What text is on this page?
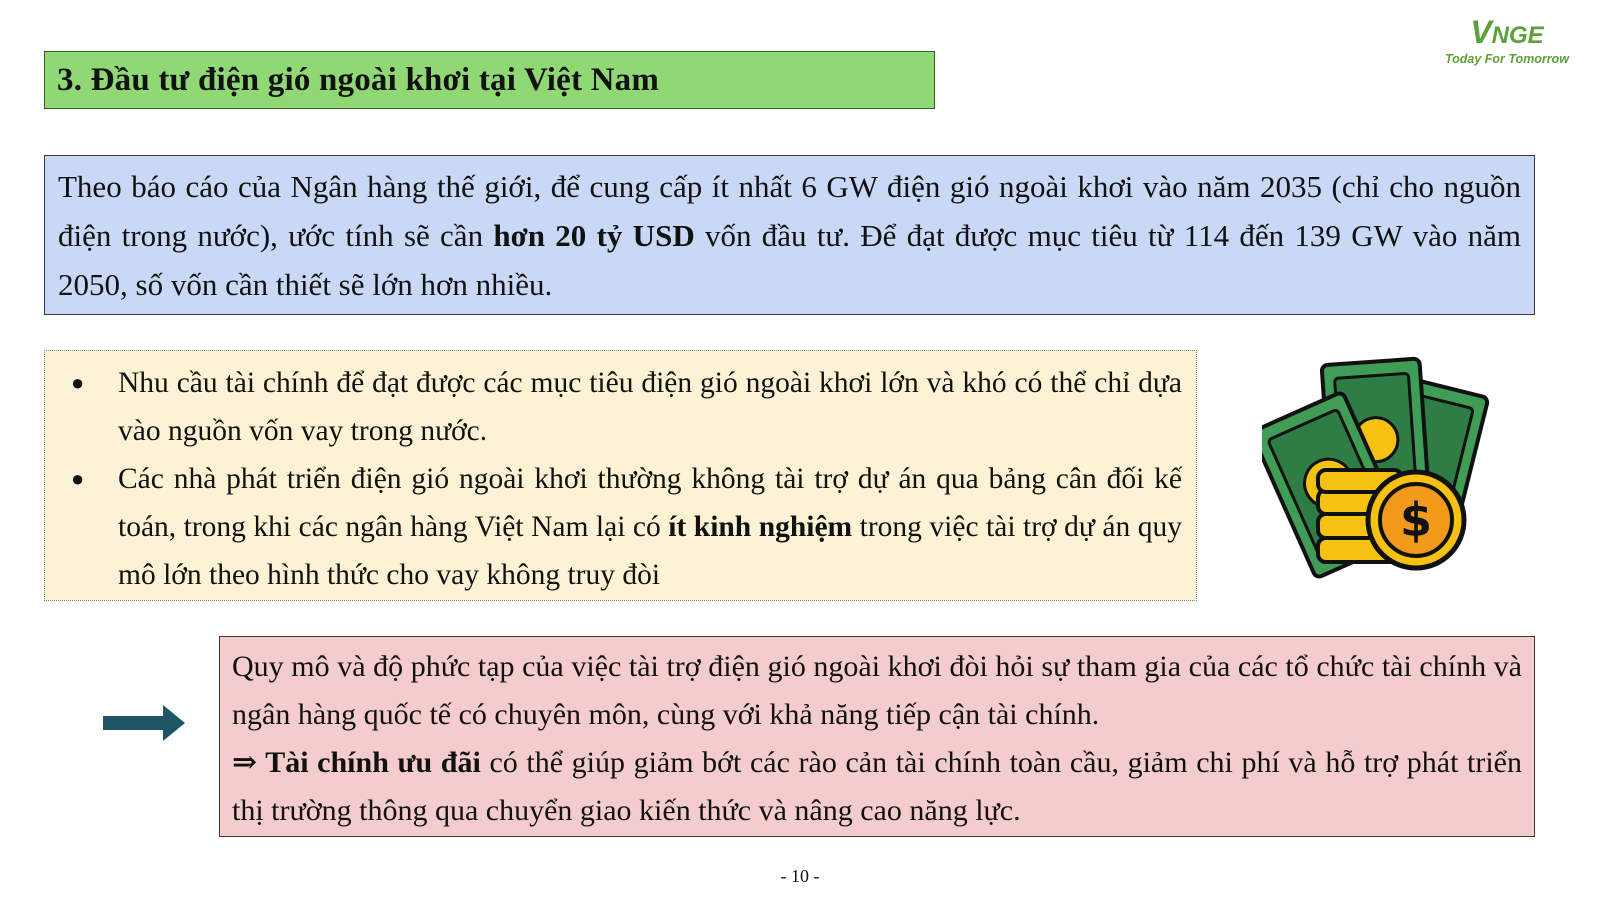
3. Đầu tư điện gió ngoài khơi tại Việt Nam
VNGE
Today For Tomorrow
Theo báo cáo của Ngân hàng thế giới, để cung cấp ít nhất 6 GW điện gió ngoài khơi vào năm 2035 (chỉ cho nguồn điện trong nước), ước tính sẽ cần hơn 20 tỷ USD vốn đầu tư. Để đạt được mục tiêu từ 114 đến 139 GW vào năm 2050, số vốn cần thiết sẽ lớn hơn nhiều.
● Nhu cầu tài chính để đạt được các mục tiêu điện gió ngoài khơi lớn và khó có thể chỉ dựa vào nguồn vốn vay trong nước.
● Các nhà phát triển điện gió ngoài khơi thường không tài trợ dự án qua bảng cân đối kế toán, trong khi các ngân hàng Việt Nam lại có ít kinh nghiệm trong việc tài trợ dự án quy mô lớn theo hình thức cho vay không truy đòi
$
Quy mô và độ phức tạp của việc tài trợ điện gió ngoài khơi đòi hỏi sự tham gia của các tổ chức tài chính và ngân hàng quốc tế có chuyên môn, cùng với khả năng tiếp cận tài chính.
⇒ Tài chính ưu đãi có thể giúp giảm bớt các rào cản tài chính toàn cầu, giảm chi phí và hỗ trợ phát triển thị trường thông qua chuyển giao kiến thức và nâng cao năng lực.
- 10 -
